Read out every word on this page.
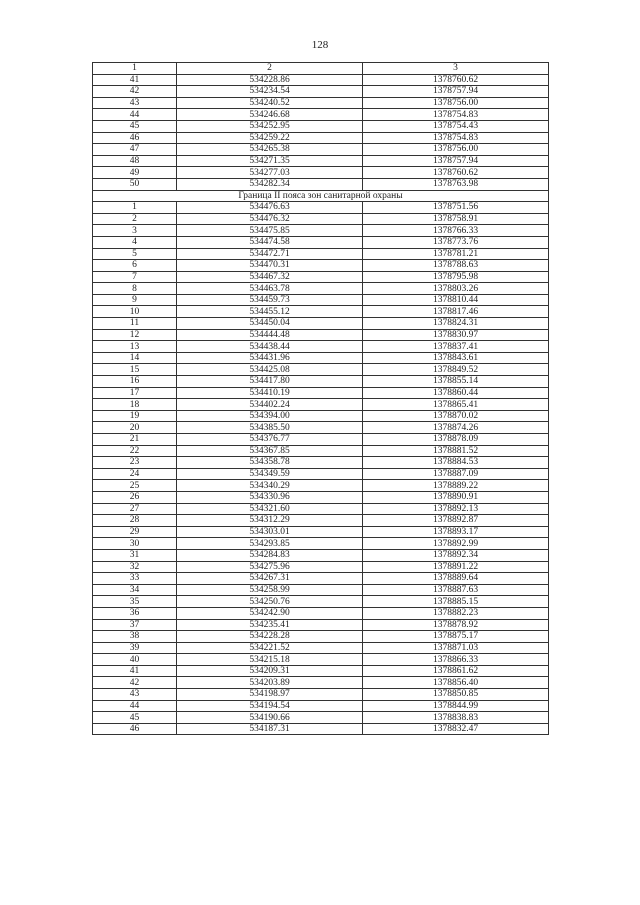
128
1	2	3
41	534228.86	1378760.62
42	534234.54	1378757.94
43	534240.52	1378756.00
44	534246.68	1378754.83
45	534252.95	1378754.43
46	534259.22	1378754.83
47	534265.38	1378756.00
48	534271.35	1378757.94
49	534277.03	1378760.62
50	534282.34	1378763.98
Граница II пояса зон санитарной охраны		
1	534476.63	1378751.56
2	534476.32	1378758.91
3	534475.85	1378766.33
4	534474.58	1378773.76
5	534472.71	1378781.21
6	534470.31	1378788.63
7	534467.32	1378795.98
8	534463.78	1378803.26
9	534459.73	1378810.44
10	534455.12	1378817.46
11	534450.04	1378824.31
12	534444.48	1378830.97
13	534438.44	1378837.41
14	534431.96	1378843.61
15	534425.08	1378849.52
16	534417.80	1378855.14
17	534410.19	1378860.44
18	534402.24	1378865.41
19	534394.00	1378870.02
20	534385.50	1378874.26
21	534376.77	1378878.09
22	534367.85	1378881.52
23	534358.78	1378884.53
24	534349.59	1378887.09
25	534340.29	1378889.22
26	534330.96	1378890.91
27	534321.60	1378892.13
28	534312.29	1378892.87
29	534303.01	1378893.17
30	534293.85	1378892.99
31	534284.83	1378892.34
32	534275.96	1378891.22
33	534267.31	1378889.64
34	534258.99	1378887.63
35	534250.76	1378885.15
36	534242.90	1378882.23
37	534235.41	1378878.92
38	534228.28	1378875.17
39	534221.52	1378871.03
40	534215.18	1378866.33
41	534209.31	1378861.62
42	534203.89	1378856.40
43	534198.97	1378850.85
44	534194.54	1378844.99
45	534190.66	1378838.83
46	534187.31	1378832.47
